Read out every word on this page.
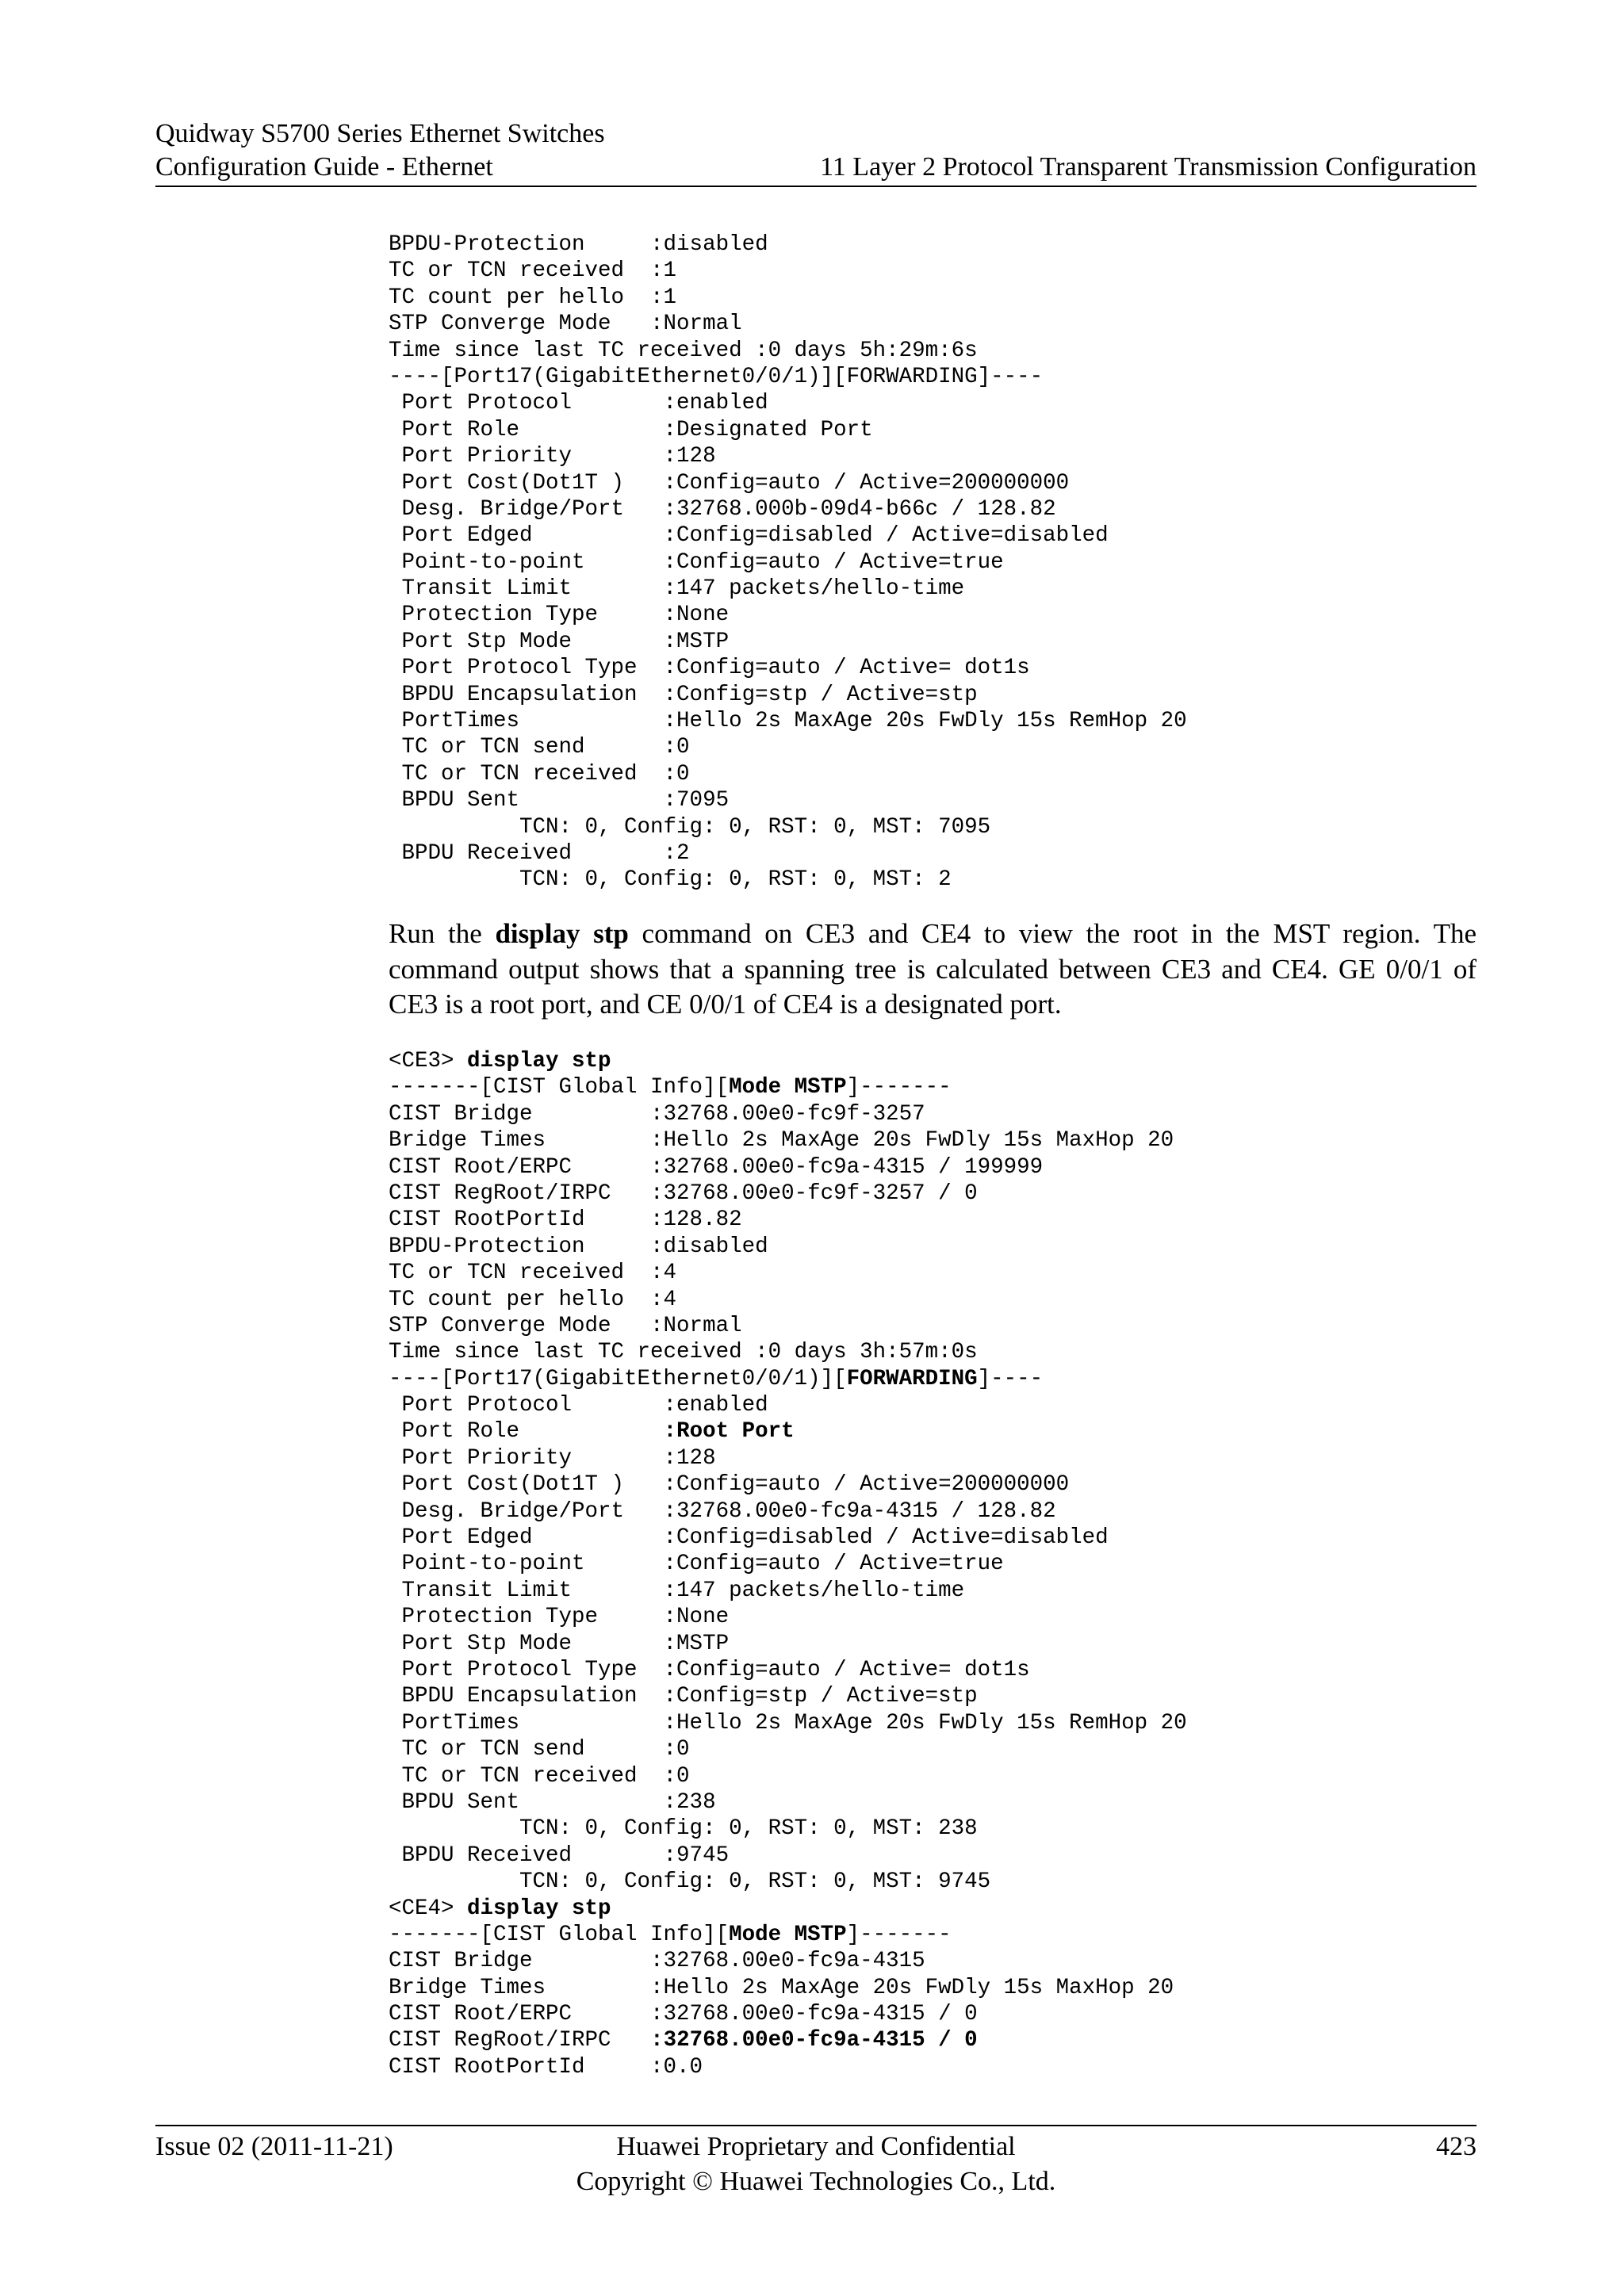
Quidway S5700 Series Ethernet Switches
Configuration Guide - Ethernet	11 Layer 2 Protocol Transparent Transmission Configuration
BPDU-Protection     :disabled
TC or TCN received  :1
TC count per hello  :1
STP Converge Mode   :Normal
Time since last TC received :0 days 5h:29m:6s
----[Port17(GigabitEthernet0/0/1)][FORWARDING]----
Port Protocol       :enabled
Port Role           :Designated Port
Port Priority       :128
Port Cost(Dot1T )   :Config=auto / Active=200000000
Desg. Bridge/Port   :32768.000b-09d4-b66c / 128.82
Port Edged          :Config=disabled / Active=disabled
Point-to-point      :Config=auto / Active=true
Transit Limit       :147 packets/hello-time
Protection Type     :None
Port Stp Mode       :MSTP
Port Protocol Type  :Config=auto / Active= dot1s
BPDU Encapsulation  :Config=stp / Active=stp
PortTimes           :Hello 2s MaxAge 20s FwDly 15s RemHop 20
TC or TCN send      :0
TC or TCN received  :0
BPDU Sent           :7095
TCN: 0, Config: 0, RST: 0, MST: 7095
BPDU Received       :2
TCN: 0, Config: 0, RST: 0, MST: 2

Run the display stp command on CE3 and CE4 to view the root in the MST region. The command output shows that a spanning tree is calculated between CE3 and CE4. GE 0/0/1 of CE3 is a root port, and CE 0/0/1 of CE4 is a designated port.

<CE3> display stp
-------[CIST Global Info][Mode MSTP]-------
CIST Bridge         :32768.00e0-fc9f-3257
Bridge Times        :Hello 2s MaxAge 20s FwDly 15s MaxHop 20
CIST Root/ERPC      :32768.00e0-fc9a-4315 / 199999
CIST RegRoot/IRPC   :32768.00e0-fc9f-3257 / 0
CIST RootPortId     :128.82
BPDU-Protection     :disabled
TC or TCN received  :4
TC count per hello  :4
STP Converge Mode   :Normal
Time since last TC received :0 days 3h:57m:0s
----[Port17(GigabitEthernet0/0/1)][FORWARDING]----
Port Protocol       :enabled
Port Role           :Root Port
Port Priority       :128
Port Cost(Dot1T )   :Config=auto / Active=200000000
Desg. Bridge/Port   :32768.00e0-fc9a-4315 / 128.82
Port Edged          :Config=disabled / Active=disabled
Point-to-point      :Config=auto / Active=true
Transit Limit       :147 packets/hello-time
Protection Type     :None
Port Stp Mode       :MSTP
Port Protocol Type  :Config=auto / Active= dot1s
BPDU Encapsulation  :Config=stp / Active=stp
PortTimes           :Hello 2s MaxAge 20s FwDly 15s RemHop 20
TC or TCN send      :0
TC or TCN received  :0
BPDU Sent           :238
TCN: 0, Config: 0, RST: 0, MST: 238
BPDU Received       :9745
TCN: 0, Config: 0, RST: 0, MST: 9745
<CE4> display stp
-------[CIST Global Info][Mode MSTP]-------
CIST Bridge         :32768.00e0-fc9a-4315
Bridge Times        :Hello 2s MaxAge 20s FwDly 15s MaxHop 20
CIST Root/ERPC      :32768.00e0-fc9a-4315 / 0
CIST RegRoot/IRPC   :32768.00e0-fc9a-4315 / 0
CIST RootPortId     :0.0
Issue 02 (2011-11-21)	Huawei Proprietary and Confidential	423
Copyright © Huawei Technologies Co., Ltd.
